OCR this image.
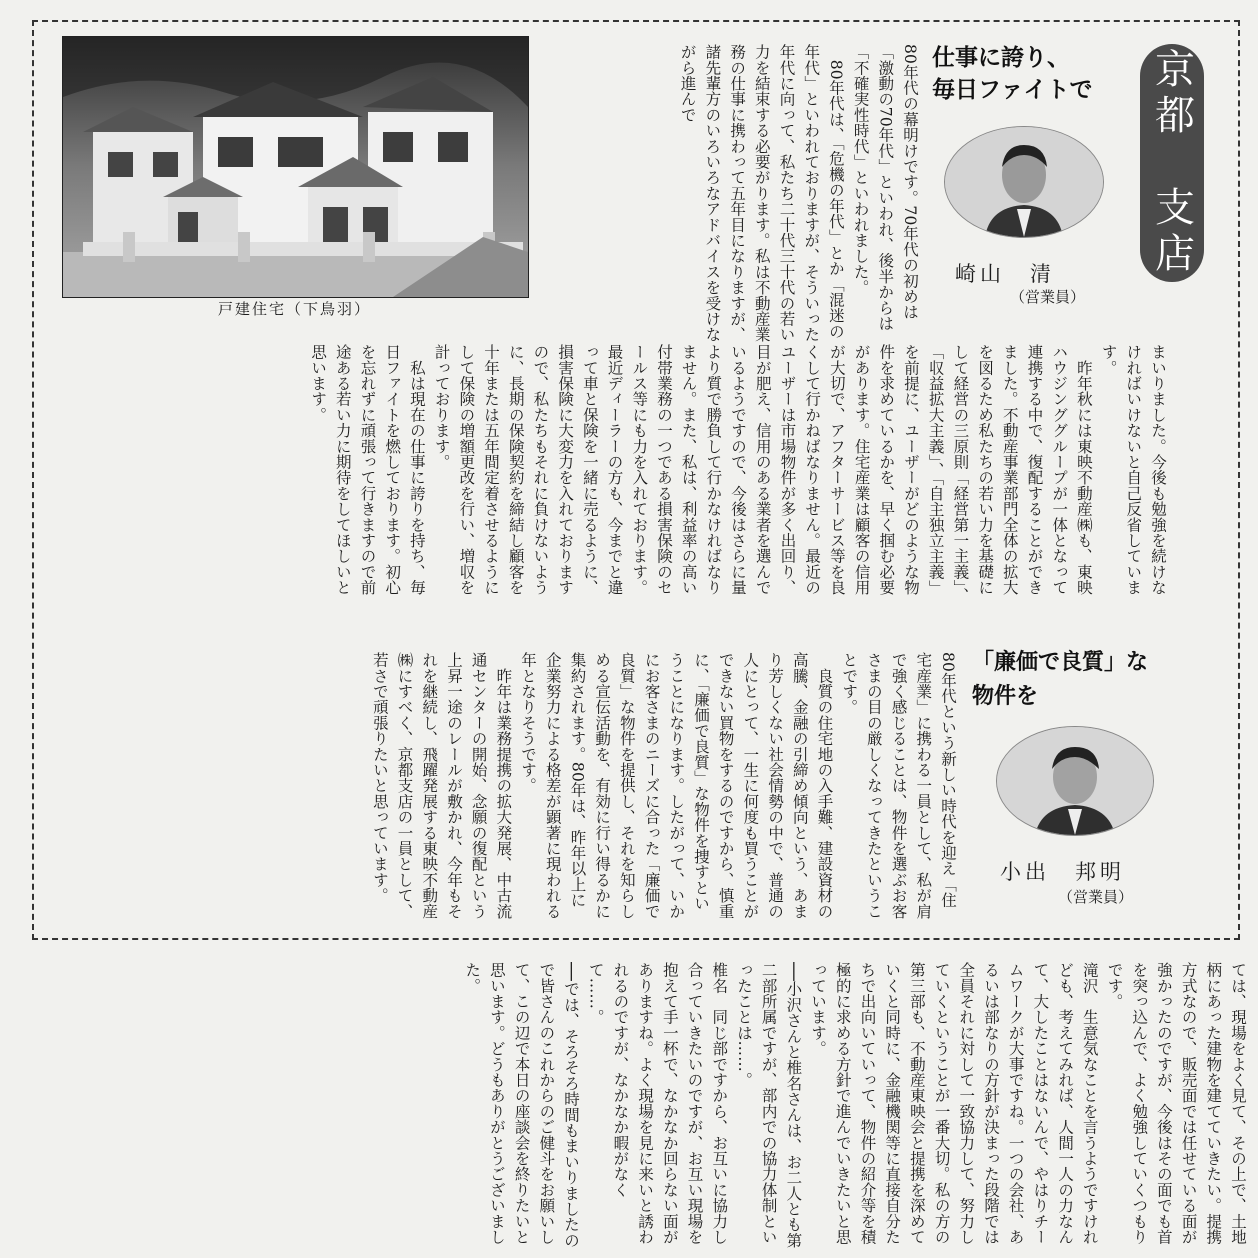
戸建住宅（下鳥羽）	80年代の幕明けです。70年代の初めは「激動の70年代」といわれ、後半からは「不確実性時代」といわれました。
　80年代は、「危機の年代」とか「混迷の年代」といわれておりますが、そういった年代に向って、私たち二十代三十代の若い力を結束する必要がります。私は不動産業務の仕事に携わって五年目になりますが、諸先輩方のいろいろなアドバイスを受けながら進んで	仕事に誇り、
毎日ファイトで 京都　支店
崎山　清
（営業員）
まいりました。今後も勉強を続けなければいけないと自己反省しています。
　昨年秋には東映不動産㈱も、東映ハウジンググループが一体となって連携する中で、復配することができました。不動産事業部門全体の拡大を図るため私たちの若い力を基礎にして経営の三原則「経営第一主義」、「収益拡大主義」、「自主独立主義」を前提に、ユーザーがどのような物件を求めているかを、早く掴む必要があります。住宅産業は顧客の信用が大切で、アフターサービス等を良くして行かねばなりません。最近のユーザーは市場物件が多く出回り、目が肥え、信用のある業者を選んでいるようですので、今後はさらに量より質で勝負して行かなければなりません。また、私は、利益率の高い付帯業務の一つである損害保険のセールス等にも力を入れております。最近ディーラーの方も、今までと違って車と保険を一緒に売るように、損害保険に大変力を入れておりますので、私たちもそれに負けないように、長期の保険契約を締結し顧客を十年または五年間定着させるようにして保険の増額更改を行い、増収を計っております。
　私は現在の仕事に誇りを持ち、毎日ファイトを燃しております。初心を忘れずに頑張って行きますので前途ある若い力に期待をしてほしいと思います。
80年代という新しい時代を迎え「住宅産業」に携わる一員として、私が肩で強く感じることは、物件を選ぶお客さまの目の厳しくなってきたということです。
　良質の住宅地の入手難、建設資材の高騰、金融の引締め傾向という、あまり芳しくない社会情勢の中で、普通の人にとって、一生に何度も買うことができない買物をするのですから、慎重に、「廉価で良質」な物件を捜すということになります。したがって、いかにお客さまのニーズに合った「廉価で良質」な物件を提供し、それを知らしめる宣伝活動を、有効に行い得るかに集約されます。80年は、昨年以上に企業努力による格差が顕著に現われる年となりそうです。
　昨年は業務提携の拡大発展、中古流通センターの開始、念願の復配という上昇一途のレールが敷かれ、今年もそれを継続し、飛躍発展する東映不動産㈱にすべく、京都支店の一員として、若さで頑張りたいと思っています。	「廉価で良質」な
物件を
小出　邦明
（営業員）
ては、現場をよく見て、その上で、土地柄にあった建物を建てていきたい。提携方式なので、販売面では任せている面が強かったのですが、今後はその面でも首を突っ込んで、よく勉強していくつもりです。
滝沢　生意気なことを言うようですけれども、考えてみれば、人間一人の力なんて、大したことはないんで、やはりチームワークが大事ですね。一つの会社、あるいは部なりの方針が決まった段階では全員それに対して一致協力して、努力していくということが一番大切。私の方の第三部も、不動産東映会と提携を深めていくと同時に、金融機関等に直接自分たちで出向いていって、物件の紹介等を積極的に求める方針で進んでいきたいと思っています。
──小沢さんと椎名さんは、お二人とも第二部所属ですが、部内での協力体制といったことは……。
椎名　同じ部ですから、お互いに協力し合っていきたいのですが、お互い現場を抱えて手一杯で、なかなか回らない面がありますね。よく現場を見に来いと誘われるのですが、なかなか暇がなくて……。
──では、そろそろ時間もまいりましたので皆さんのこれからのご健斗をお願いして、この辺で本日の座談会を終りたいと思います。どうもありがとうございました。
